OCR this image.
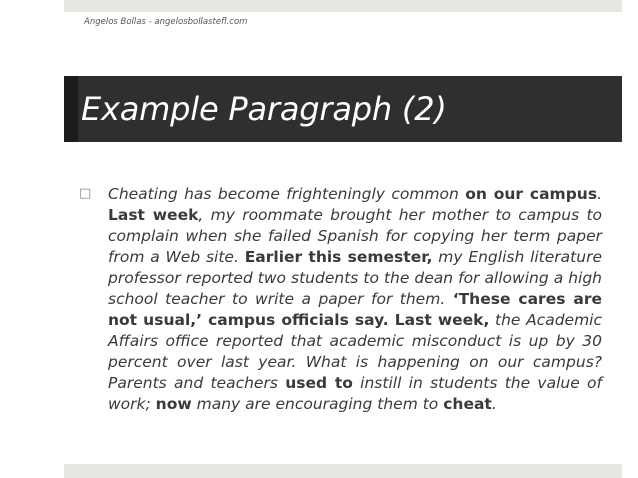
Angelos Bollas - angelosbollastefl.com
Example Paragraph (2)
□ Cheating has become frighteningly common on our campus. Last week, my roommate brought her mother to campus to complain when she failed Spanish for copying her term paper from a Web site. Earlier this semester, my English literature professor reported two students to the dean for allowing a high school teacher to write a paper for them. ‘These cares are not usual,’ campus officials say. Last week, the Academic Affairs office reported that academic misconduct is up by 30 percent over last year. What is happening on our campus? Parents and teachers used to instill in students the value of work; now many are encouraging them to cheat.
